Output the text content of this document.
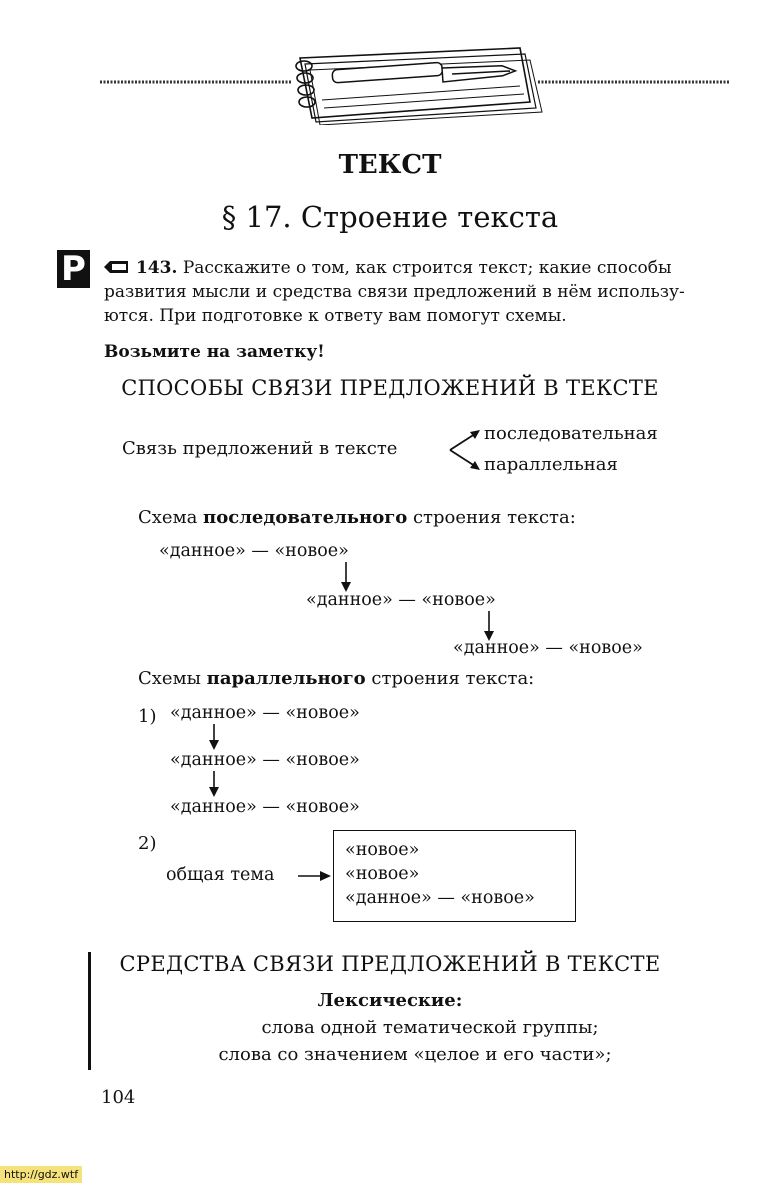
ТЕКСТ
§ 17. Строение текста
Р	143. Расскажите о том, как строится текст; какие способы
развития мысли и средства связи предложений в нём использу-
ются. При подготовке к ответу вам помогут схемы.
Возьмите на заметку!
СПОСОБЫ СВЯЗИ ПРЕДЛОЖЕНИЙ В ТЕКСТЕ
Связь предложений в тексте
последовательная
параллельная
Схема последовательного строения текста:
«данное» — «новое»
«данное» — «новое»
«данное» — «новое»
Схемы параллельного строения текста:
1) «данное» — «новое»
«данное» — «новое»
«данное» — «новое»
2)
общая тема
«новое»
«новое»
«данное» — «новое»
СРЕДСТВА СВЯЗИ ПРЕДЛОЖЕНИЙ В ТЕКСТЕ
Лексические:
слова одной тематической группы;
слова со значением «целое и его части»;
104
http://gdz.wtf
